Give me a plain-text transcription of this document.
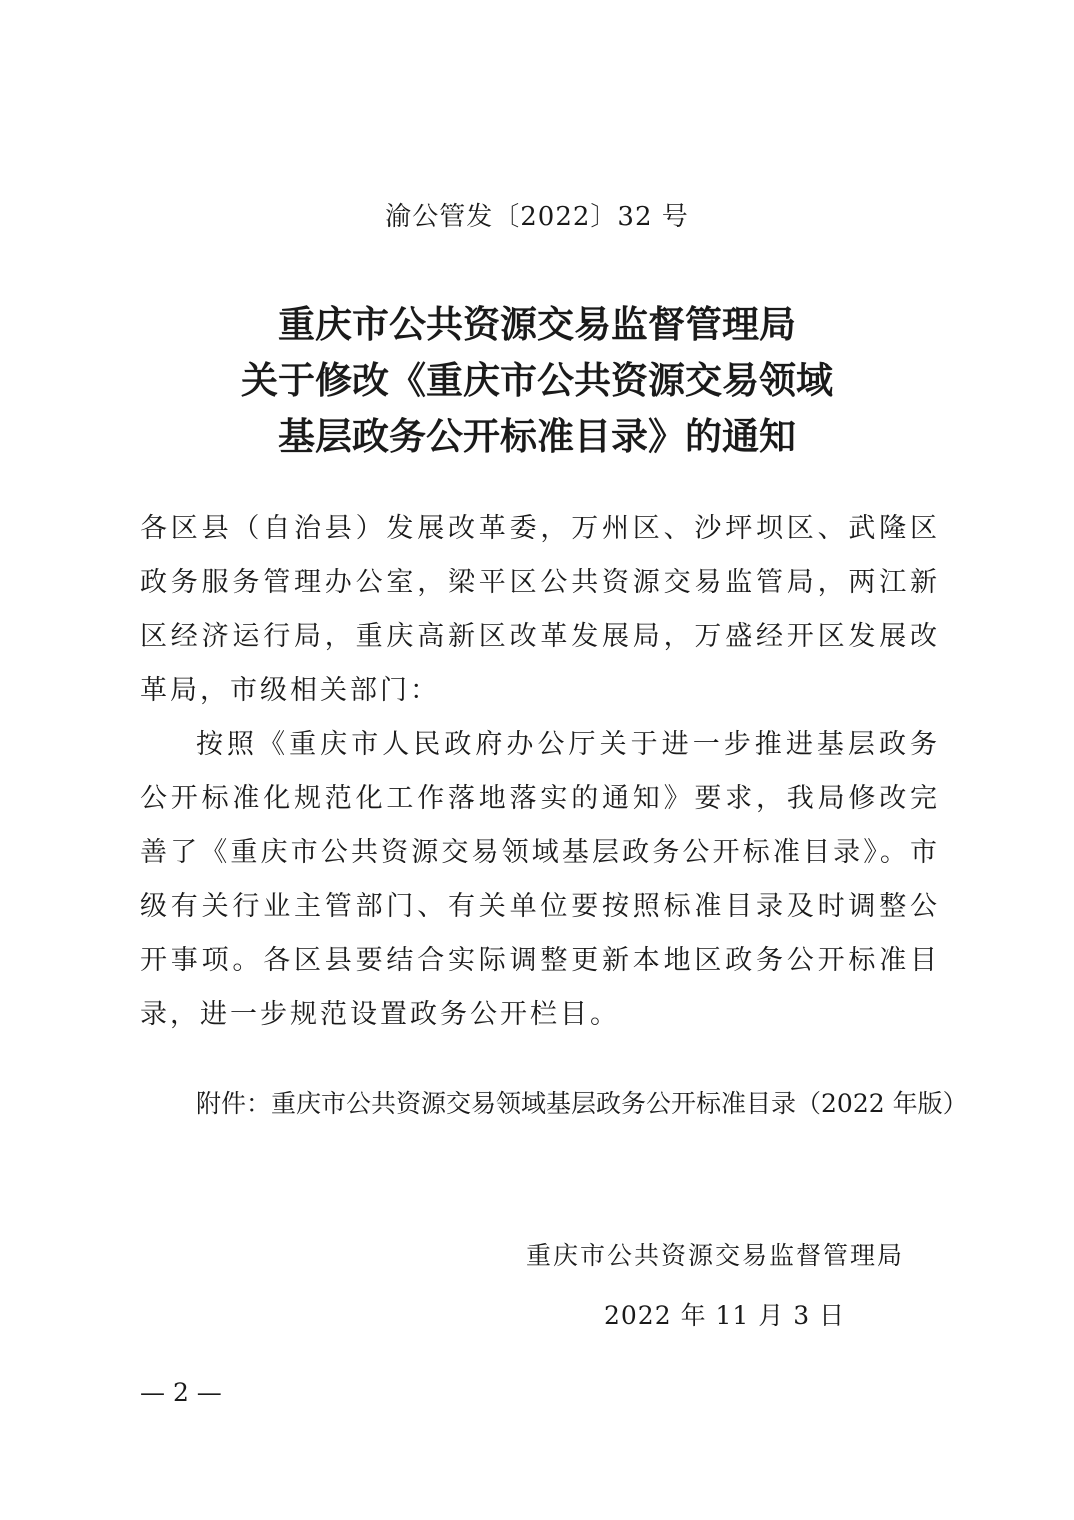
渝公管发〔2022〕32 号
重庆市公共资源交易监督管理局
关于修改《重庆市公共资源交易领域
基层政务公开标准目录》的通知

各区县（自治县）发展改革委，万州区、沙坪坝区、武隆区政务服务管理办公室，梁平区公共资源交易监管局，两江新区经济运行局，重庆高新区改革发展局，万盛经开区发展改革局，市级相关部门：

按照《重庆市人民政府办公厅关于进一步推进基层政务公开标准化规范化工作落地落实的通知》要求，我局修改完善了《重庆市公共资源交易领域基层政务公开标准目录》。市级有关行业主管部门、有关单位要按照标准目录及时调整公开事项。各区县要结合实际调整更新本地区政务公开标准目录，进一步规范设置政务公开栏目。

附件：重庆市公共资源交易领域基层政务公开标准目录（2022 年版）
重庆市公共资源交易监督管理局
2022 年 11 月 3 日
— 2 —
